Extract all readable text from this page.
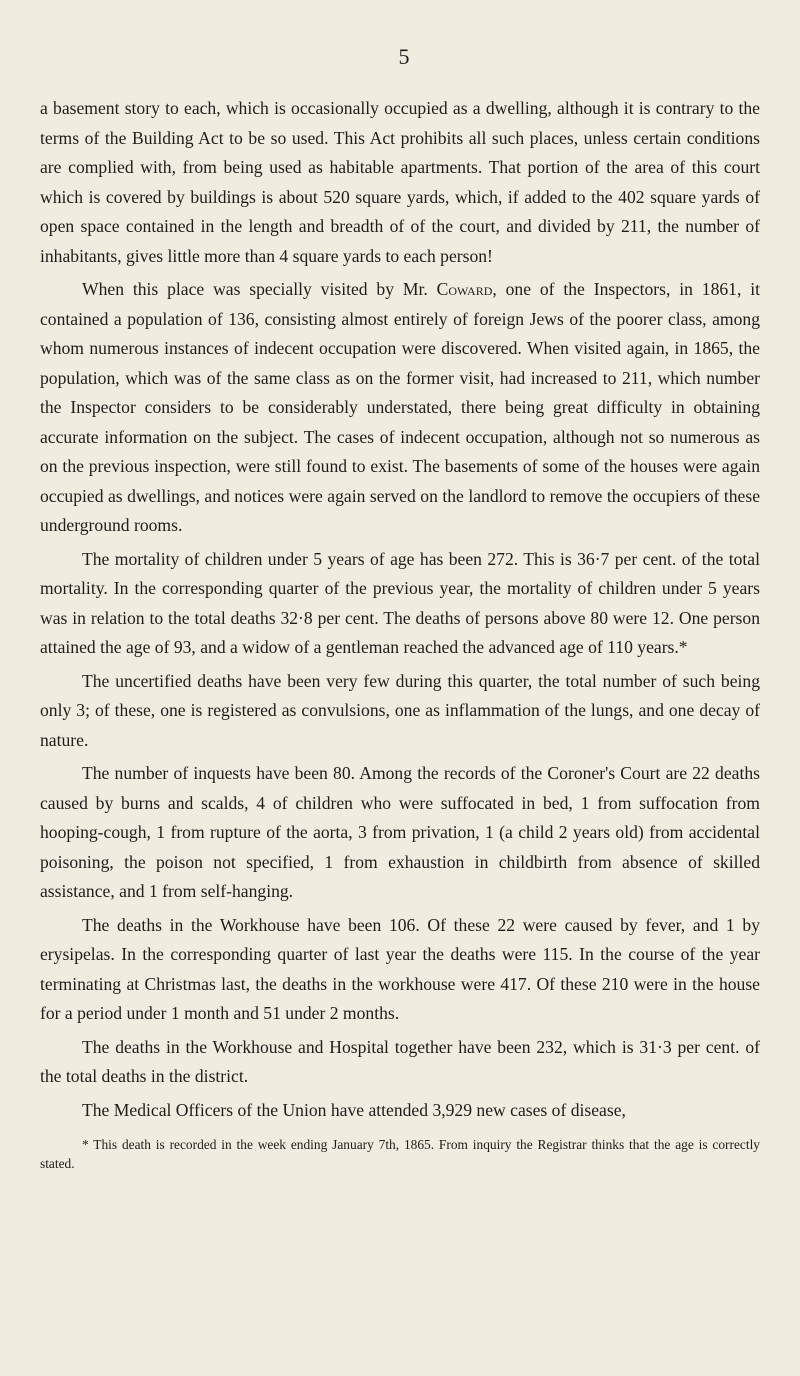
5

a basement story to each, which is occasionally occupied as a dwelling, although it is contrary to the terms of the Building Act to be so used. This Act prohibits all such places, unless certain conditions are complied with, from being used as habitable apartments. That portion of the area of this court which is covered by buildings is about 520 square yards, which, if added to the 402 square yards of open space contained in the length and breadth of of the court, and divided by 211, the number of inhabitants, gives little more than 4 square yards to each person!

When this place was specially visited by Mr. Coward, one of the Inspectors, in 1861, it contained a population of 136, consisting almost entirely of foreign Jews of the poorer class, among whom numerous instances of indecent occupation were discovered. When visited again, in 1865, the population, which was of the same class as on the former visit, had increased to 211, which number the Inspector considers to be considerably understated, there being great difficulty in obtaining accurate information on the subject. The cases of indecent occupation, although not so numerous as on the previous inspection, were still found to exist. The basements of some of the houses were again occupied as dwellings, and notices were again served on the landlord to remove the occupiers of these underground rooms.

The mortality of children under 5 years of age has been 272. This is 36·7 per cent. of the total mortality. In the corresponding quarter of the previous year, the mortality of children under 5 years was in relation to the total deaths 32·8 per cent. The deaths of persons above 80 were 12. One person attained the age of 93, and a widow of a gentleman reached the advanced age of 110 years.*

The uncertified deaths have been very few during this quarter, the total number of such being only 3; of these, one is registered as convulsions, one as inflammation of the lungs, and one decay of nature.

The number of inquests have been 80. Among the records of the Coroner's Court are 22 deaths caused by burns and scalds, 4 of children who were suffocated in bed, 1 from suffocation from hooping-cough, 1 from rupture of the aorta, 3 from privation, 1 (a child 2 years old) from accidental poisoning, the poison not specified, 1 from exhaustion in childbirth from absence of skilled assistance, and 1 from self-hanging.

The deaths in the Workhouse have been 106. Of these 22 were caused by fever, and 1 by erysipelas. In the corresponding quarter of last year the deaths were 115. In the course of the year terminating at Christmas last, the deaths in the workhouse were 417. Of these 210 were in the house for a period under 1 month and 51 under 2 months.

The deaths in the Workhouse and Hospital together have been 232, which is 31·3 per cent. of the total deaths in the district.

The Medical Officers of the Union have attended 3,929 new cases of disease,

* This death is recorded in the week ending January 7th, 1865. From inquiry the Registrar thinks that the age is correctly stated.
